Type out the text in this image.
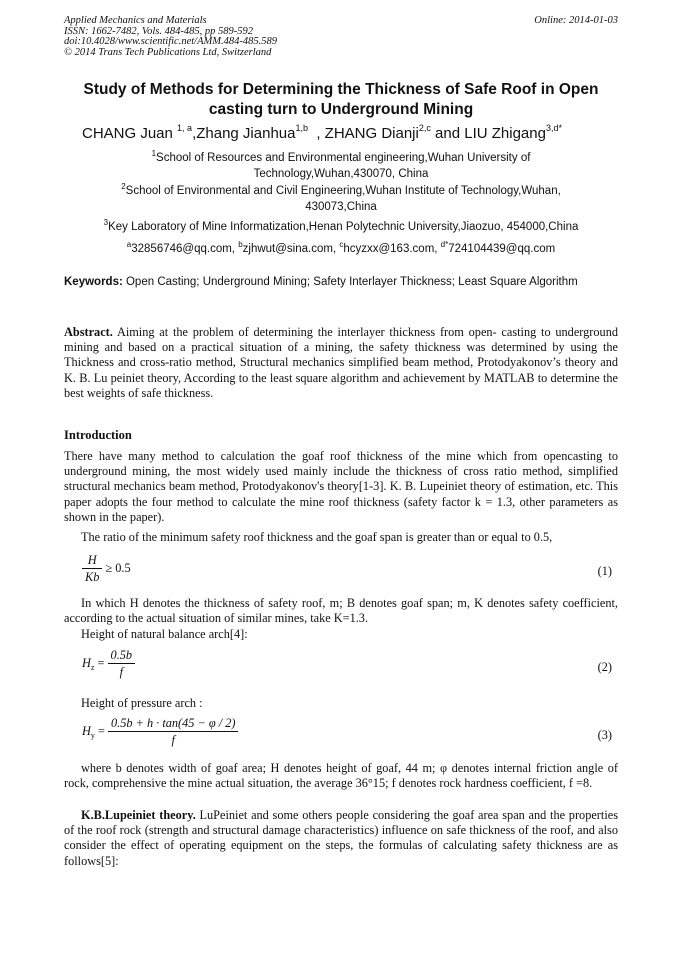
Applied Mechanics and Materials
ISSN: 1662-7482, Vols. 484-485, pp 589-592
doi:10.4028/www.scientific.net/AMM.484-485.589
© 2014 Trans Tech Publications Ltd, Switzerland
Online: 2014-01-03
Study of Methods for Determining the Thickness of Safe Roof in Open casting turn to Underground Mining
CHANG Juan $^{1, a}$,Zhang Jianhua$^{1,b}$  , ZHANG Dianji$^{2,c}$ and LIU Zhigang$^{3,d*}$
$^1$School of Resources and Environmental engineering,Wuhan University of Technology,Wuhan,430070, China
$^2$School of Environmental and Civil Engineering,Wuhan Institute of Technology,Wuhan, 430073,China
$^3$Key Laboratory of Mine Informatization,Henan Polytechnic University,Jiaozuo, 454000,China
$^a$32856746@qq.com, $^b$zjhwut@sina.com, $^c$hcyzxx@163.com, $^{d*}$724104439@qq.com
Keywords: Open Casting; Underground Mining; Safety Interlayer Thickness; Least Square Algorithm
Abstract. Aiming at the problem of determining the interlayer thickness from open- casting to underground mining and based on a practical situation of a mining, the safety thickness was determined by using the Thickness and cross-ratio method, Structural mechanics simplified beam method, Protodyakonov’s theory and K. B. Lu peiniet theory, According to the least square algorithm and achievement by MATLAB to determine the best weights of safe thickness.
Introduction
There have many method to calculation the goaf roof thickness of the mine which from opencasting to underground mining, the most widely used mainly include the thickness of cross ratio method, simplified structural mechanics beam method, Protodyakonov's theory[1-3]. K. B. Lupeiniet theory of estimation, etc. This paper adopts the four method to calculate the mine roof thickness (safety factor k = 1.3, other parameters as shown in the paper).
The ratio of the minimum safety roof thickness and the goaf span is greater than or equal to 0.5,
$\frac{H}{Kb} \ge 0.5$	(1)
In which H denotes the thickness of safety roof, m; B denotes goaf span; m, K denotes safety coefficient, according to the actual situation of similar mines, take K=1.3.
Height of natural balance arch[4]:
$H_z = \frac{0.5b}{f}$	(2)
Height of pressure arch :
$H_y = \frac{0.5b + h \cdot \tan(45 - \varphi / 2)}{f}$	(3)
where b denotes width of goaf area; H denotes height of goaf, 44 m; φ denotes internal friction angle of rock, comprehensive the mine actual situation, the average 36°15; f denotes rock hardness coefficient, f =8.
K.B.Lupeiniet theory. LuPeiniet and some others people considering the goaf area span and the properties of the roof rock (strength and structural damage characteristics) influence on safe thickness of the roof, and also consider the effect of operating equipment on the steps, the formulas of calculating safety thickness are as follows[5]:
